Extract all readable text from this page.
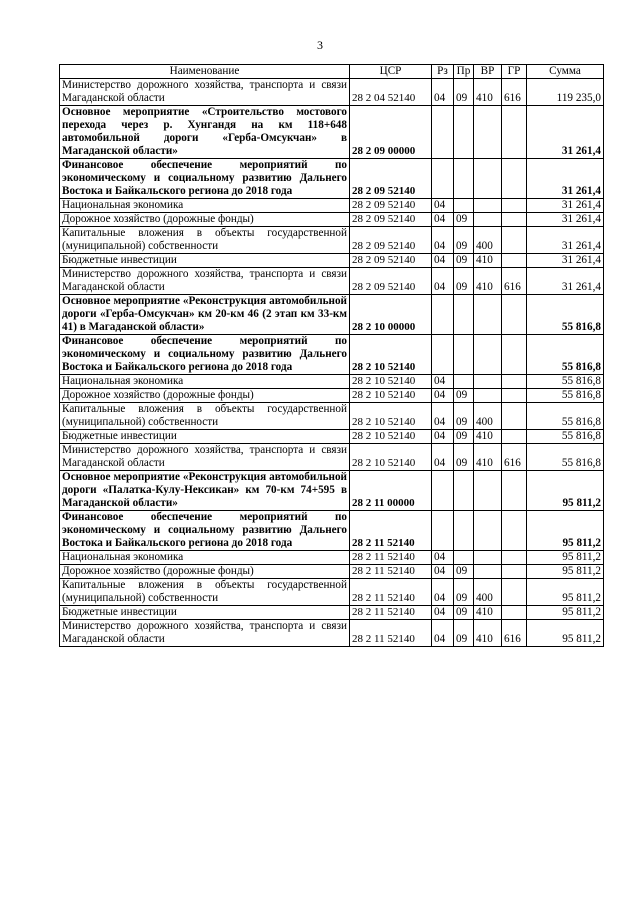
3
Наименование	ЦСР	Рз	Пр	ВР	ГР	Сумма
Министерство дорожного хозяйства, транспорта и связи Магаданской области	28 2 04 52140	04	09	410	616	119 235,0
Основное мероприятие «Строительство мостового перехода через р. Хунгандя на км 118+648 автомобильной дороги «Герба-Омсукчан» в Магаданской области»	28 2 09 00000					31 261,4
Финансовое обеспечение мероприятий по экономическому и социальному развитию Дальнего Востока и Байкальского региона до 2018 года	28 2 09 52140					31 261,4
Национальная экономика	28 2 09 52140	04				31 261,4
Дорожное хозяйство (дорожные фонды)	28 2 09 52140	04	09			31 261,4
Капитальные вложения в объекты государственной (муниципальной) собственности	28 2 09 52140	04	09	400		31 261,4
Бюджетные инвестиции	28 2 09 52140	04	09	410		31 261,4
Министерство дорожного хозяйства, транспорта и связи Магаданской области	28 2 09 52140	04	09	410	616	31 261,4
Основное мероприятие «Реконструкция автомобильной дороги «Герба-Омсукчан» км 20-км 46 (2 этап км 33-км 41) в Магаданской области»	28 2 10 00000					55 816,8
Финансовое обеспечение мероприятий по экономическому и социальному развитию Дальнего Востока и Байкальского региона до 2018 года	28 2 10 52140					55 816,8
Национальная экономика	28 2 10 52140	04				55 816,8
Дорожное хозяйство (дорожные фонды)	28 2 10 52140	04	09			55 816,8
Капитальные вложения в объекты государственной (муниципальной) собственности	28 2 10 52140	04	09	400		55 816,8
Бюджетные инвестиции	28 2 10 52140	04	09	410		55 816,8
Министерство дорожного хозяйства, транспорта и связи Магаданской области	28 2 10 52140	04	09	410	616	55 816,8
Основное мероприятие «Реконструкция автомобильной дороги «Палатка-Кулу-Нексикан» км 70-км 74+595 в Магаданской области»	28 2 11 00000					95 811,2
Финансовое обеспечение мероприятий по экономическому и социальному развитию Дальнего Востока и Байкальского региона до 2018 года	28 2 11 52140					95 811,2
Национальная экономика	28 2 11 52140	04				95 811,2
Дорожное хозяйство (дорожные фонды)	28 2 11 52140	04	09			95 811,2
Капитальные вложения в объекты государственной (муниципальной) собственности	28 2 11 52140	04	09	400		95 811,2
Бюджетные инвестиции	28 2 11 52140	04	09	410		95 811,2
Министерство дорожного хозяйства, транспорта и связи Магаданской области	28 2 11 52140	04	09	410	616	95 811,2
